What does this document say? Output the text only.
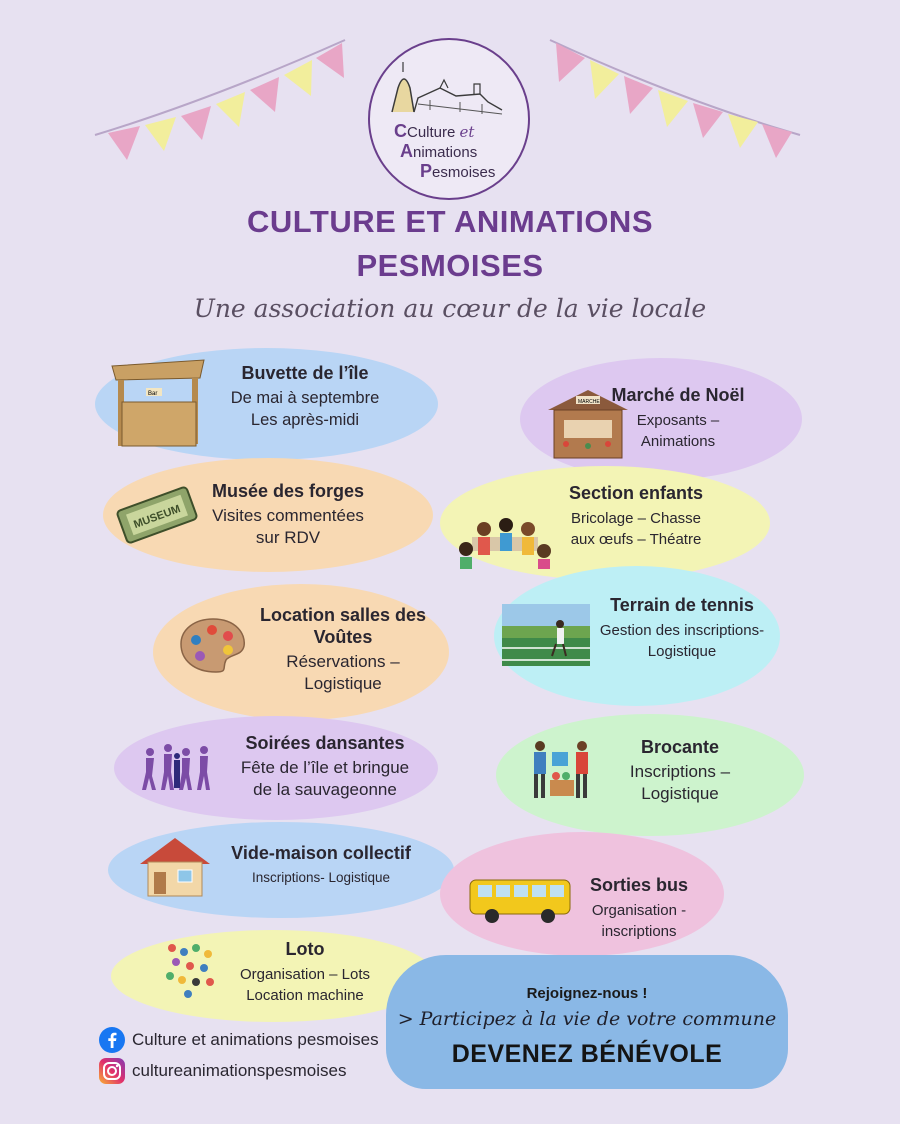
CCulture et
Animations
Pesmoises
CULTURE ET ANIMATIONS
PESMOISES
Une association au cœur de la vie locale
Bar
Buvette de l’île
De mai à septembre
Les après-midi
MARCHE Marché de Noël
Exposants –
Animations
MUSEUM
Musée des forges
Visites commentées
sur RDV
Section enfants
Bricolage – Chasse
aux œufs – Théatre
Location salles des
Voûtes
Réservations –
Logistique
Terrain de tennis
Gestion des inscriptions-
Logistique
Soirées dansantes
Fête de l’île et bringue
de la sauvageonne
Brocante
Inscriptions –
Logistique
Vide-maison collectif
Inscriptions- Logistique	Sorties bus
Organisation -
inscriptions
Loto
Organisation – Lots
Location machine	Rejoignez-nous !
> Participez à la vie de votre commune
DEVENEZ BÉNÉVOLE
Culture et animations pesmoises
cultureanimationspesmoises
